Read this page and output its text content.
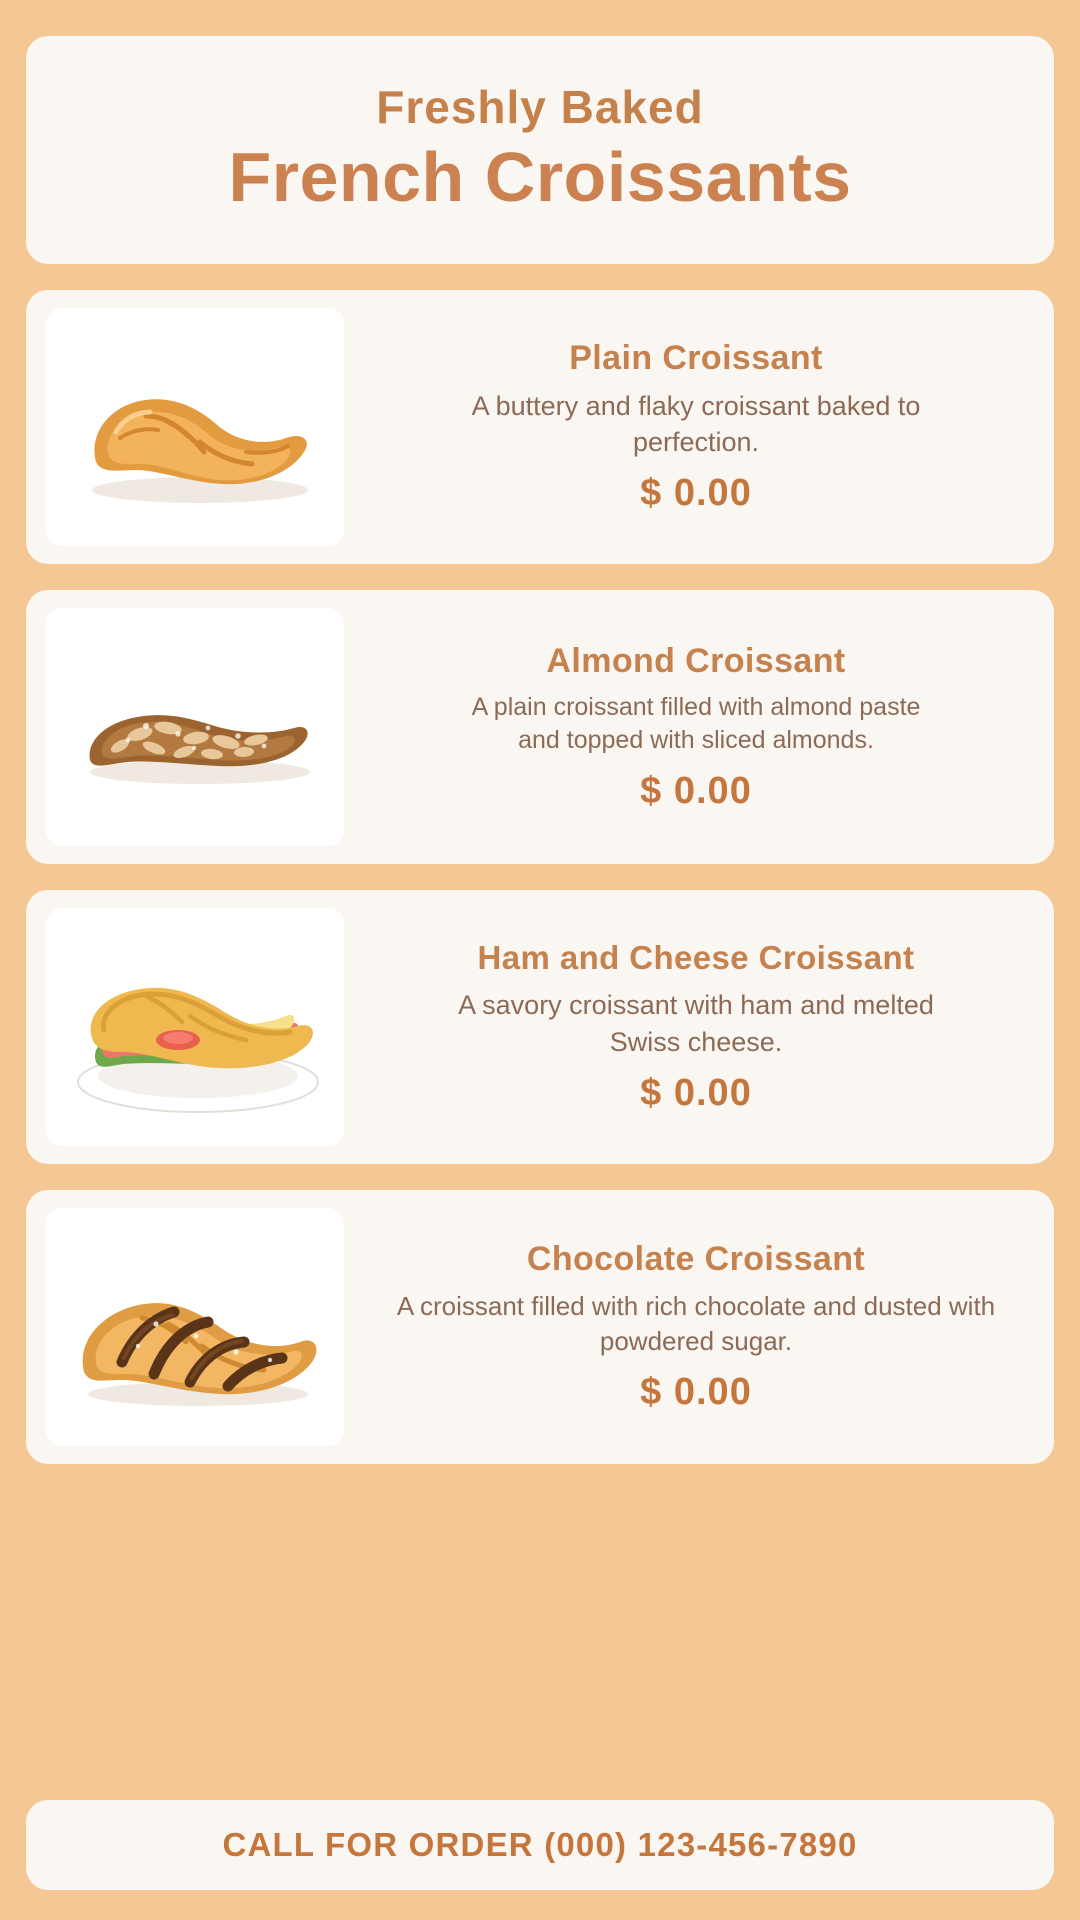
Freshly Baked
French Croissants
Plain Croissant
A buttery and flaky croissant baked to perfection.
$ 0.00
Almond Croissant
A plain croissant filled with almond paste and topped with sliced almonds.
$ 0.00
Ham and Cheese Croissant
A savory croissant with ham and melted Swiss cheese.
$ 0.00
Chocolate Croissant
A croissant filled with rich chocolate and dusted with powdered sugar.
$ 0.00
CALL FOR ORDER (000) 123-456-7890
